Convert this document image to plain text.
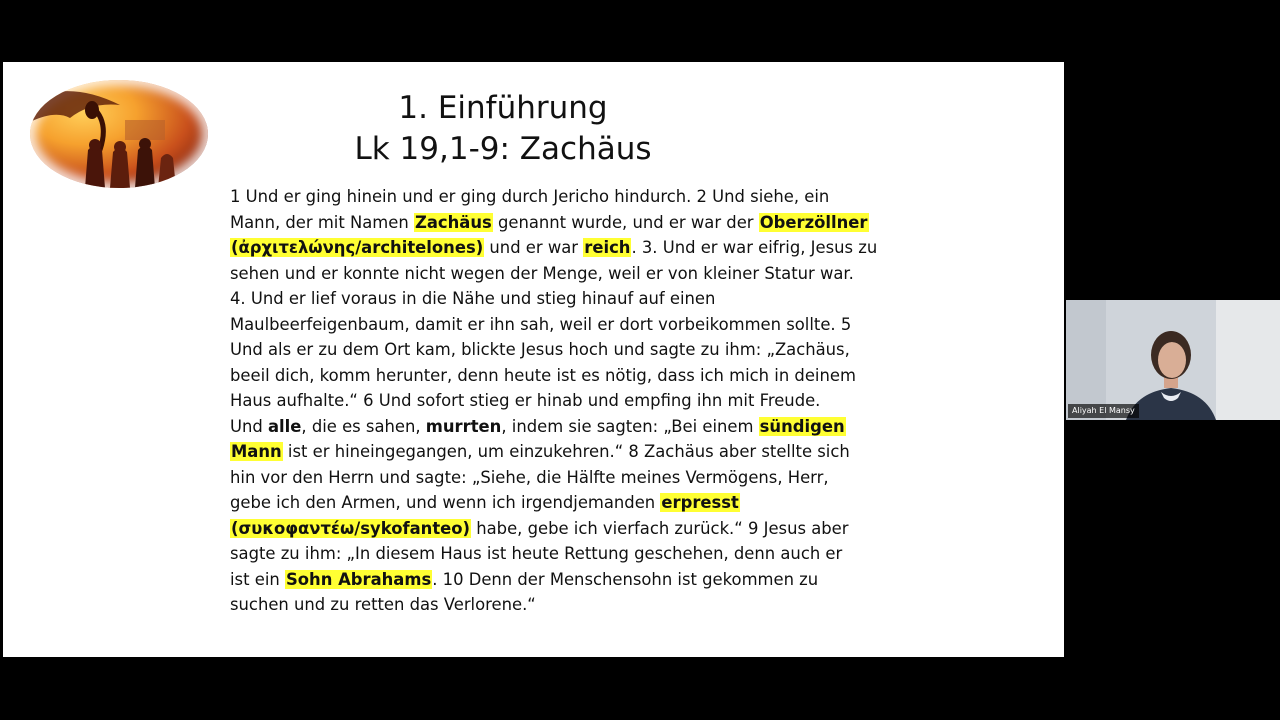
1. Einführung
Lk 19,1-9: Zachäus
1 Und er ging hinein und er ging durch Jericho hindurch. 2 Und siehe, ein
Mann, der mit Namen Zachäus genannt wurde, und er war der Oberzöllner
(ἀρχιτελώνης/architelones) und er war reich. 3. Und er war eifrig, Jesus zu
sehen und er konnte nicht wegen der Menge, weil er von kleiner Statur war.
4. Und er lief voraus in die Nähe und stieg hinauf auf einen
Maulbeerfeigenbaum, damit er ihn sah, weil er dort vorbeikommen sollte. 5
Und als er zu dem Ort kam, blickte Jesus hoch und sagte zu ihm: „Zachäus,
beeil dich, komm herunter, denn heute ist es nötig, dass ich mich in deinem
Haus aufhalte.“ 6 Und sofort stieg er hinab und empfing ihn mit Freude.
Und alle, die es sahen, murrten, indem sie sagten: „Bei einem sündigen
Mann ist er hineingegangen, um einzukehren.“ 8 Zachäus aber stellte sich
hin vor den Herrn und sagte: „Siehe, die Hälfte meines Vermögens, Herr,
gebe ich den Armen, und wenn ich irgendjemanden erpresst
(συκοφαντέω/sykofanteo) habe, gebe ich vierfach zurück.“ 9 Jesus aber
sagte zu ihm: „In diesem Haus ist heute Rettung geschehen, denn auch er
ist ein Sohn Abrahams. 10 Denn der Menschensohn ist gekommen zu
suchen und zu retten das Verlorene.“
Aliyah El Mansy
